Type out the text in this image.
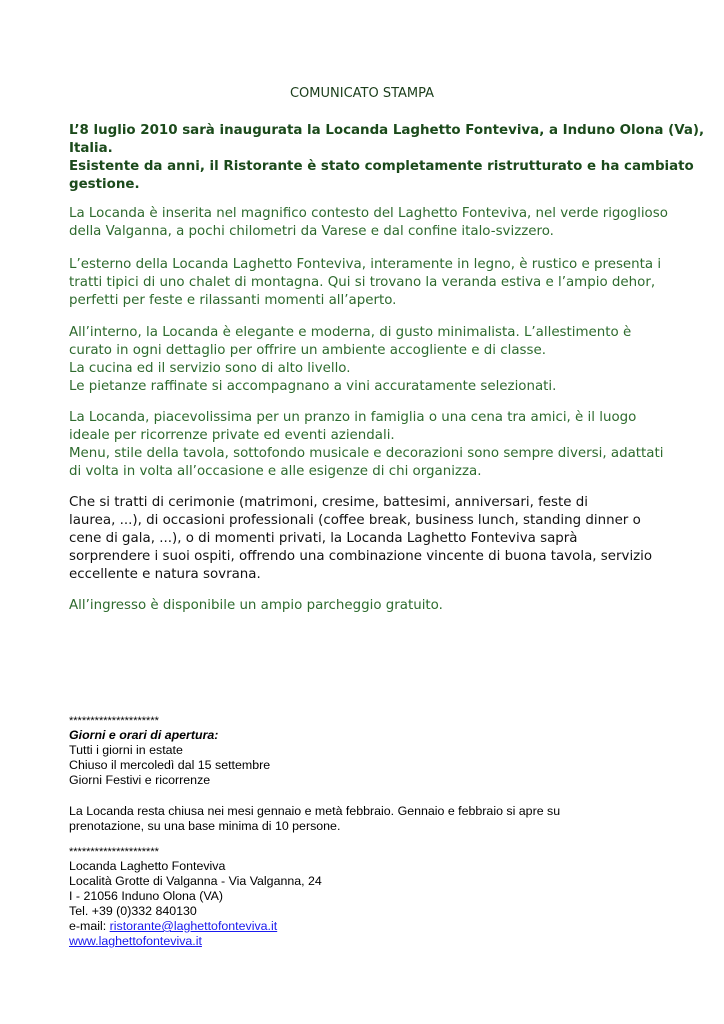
COMUNICATO STAMPA
L’8 luglio 2010 sarà inaugurata la Locanda Laghetto Fonteviva, a Induno Olona (Va),
Italia.
Esistente da anni, il Ristorante è stato completamente ristrutturato e ha cambiato
gestione.
La Locanda è inserita nel magnifico contesto del Laghetto Fonteviva, nel verde rigoglioso
della Valganna, a pochi chilometri da Varese e dal confine italo-svizzero.
L’esterno della Locanda Laghetto Fonteviva, interamente in legno, è rustico e presenta i
tratti tipici di uno chalet di montagna. Qui si trovano la veranda estiva e l’ampio dehor,
perfetti per feste e rilassanti momenti all’aperto.
All’interno, la Locanda è elegante e moderna, di gusto minimalista. L’allestimento è
curato in ogni dettaglio per offrire un ambiente accogliente e di classe.
La cucina ed il servizio sono di alto livello.
Le pietanze raffinate si accompagnano a vini accuratamente selezionati.
La Locanda, piacevolissima per un pranzo in famiglia o una cena tra amici, è il luogo
ideale per ricorrenze private ed eventi aziendali.
Menu, stile della tavola, sottofondo musicale e decorazioni sono sempre diversi, adattati
di volta in volta all’occasione e alle esigenze di chi organizza.
Che si tratti di cerimonie (matrimoni, cresime, battesimi, anniversari, feste di
laurea, ...), di occasioni professionali (coffee break, business lunch, standing dinner o
cene di gala, ...), o di momenti privati, la Locanda Laghetto Fonteviva saprà
sorprendere i suoi ospiti, offrendo una combinazione vincente di buona tavola, servizio
eccellente e natura sovrana.
All’ingresso è disponibile un ampio parcheggio gratuito.
*********************
Giorni e orari di apertura:
Tutti i giorni in estate
Chiuso il mercoledì dal 15 settembre
Giorni Festivi e ricorrenze
La Locanda resta chiusa nei mesi gennaio e metà febbraio. Gennaio e febbraio si apre su
prenotazione, su una base minima di 10 persone.
*********************
Locanda Laghetto Fonteviva
Località Grotte di Valganna - Via Valganna, 24
I - 21056 Induno Olona (VA)
Tel. +39 (0)332 840130
e-mail: ristorante@laghettofonteviva.it
www.laghettofonteviva.it
